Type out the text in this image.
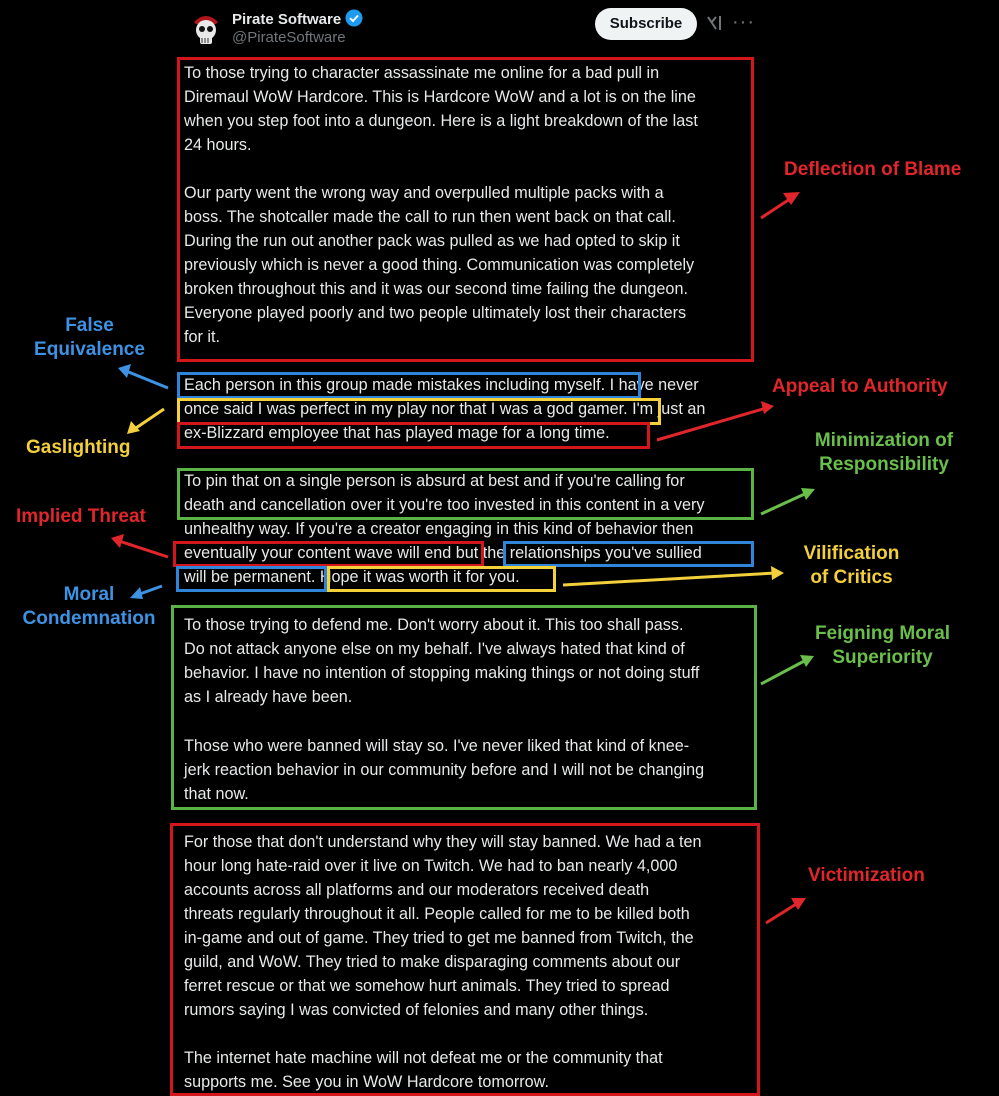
Pirate Software
@PirateSoftware
Subscribe	···
To those trying to character assassinate me online for a bad pull in
Diremaul WoW Hardcore. This is Hardcore WoW and a lot is on the line
when you step foot into a dungeon. Here is a light breakdown of the last
24 hours.
Our party went the wrong way and overpulled multiple packs with a
boss. The shotcaller made the call to run then went back on that call.
During the run out another pack was pulled as we had opted to skip it
previously which is never a good thing. Communication was completely
broken throughout this and it was our second time failing the dungeon.
Everyone played poorly and two people ultimately lost their characters
for it.
Each person in this group made mistakes including myself. I have never
once said I was perfect in my play nor that I was a god gamer. I'm just an
ex-Blizzard employee that has played mage for a long time.
To pin that on a single person is absurd at best and if you're calling for
death and cancellation over it you're too invested in this content in a very
unhealthy way. If you're a creator engaging in this kind of behavior then
eventually your content wave will end but the relationships you've sullied
will be permanent. Hope it was worth it for you.
To those trying to defend me. Don't worry about it. This too shall pass.
Do not attack anyone else on my behalf. I've always hated that kind of
behavior. I have no intention of stopping making things or not doing stuff
as I already have been.
Those who were banned will stay so. I've never liked that kind of knee-
jerk reaction behavior in our community before and I will not be changing
that now.
For those that don't understand why they will stay banned. We had a ten
hour long hate-raid over it live on Twitch. We had to ban nearly 4,000
accounts across all platforms and our moderators received death
threats regularly throughout it all. People called for me to be killed both
in-game and out of game. They tried to get me banned from Twitch, the
guild, and WoW. They tried to make disparaging comments about our
ferret rescue or that we somehow hurt animals. They tried to spread
rumors saying I was convicted of felonies and many other things.
The internet hate machine will not defeat me or the community that
supports me. See you in WoW Hardcore tomorrow.
Deflection of Blame
False
Equivalence
Appeal to Authority
Gaslighting	Minimization of
Responsibility
Implied Threat
Vilification
of Critics
Moral
Condemnation
Feigning Moral
Superiority
Victimization
